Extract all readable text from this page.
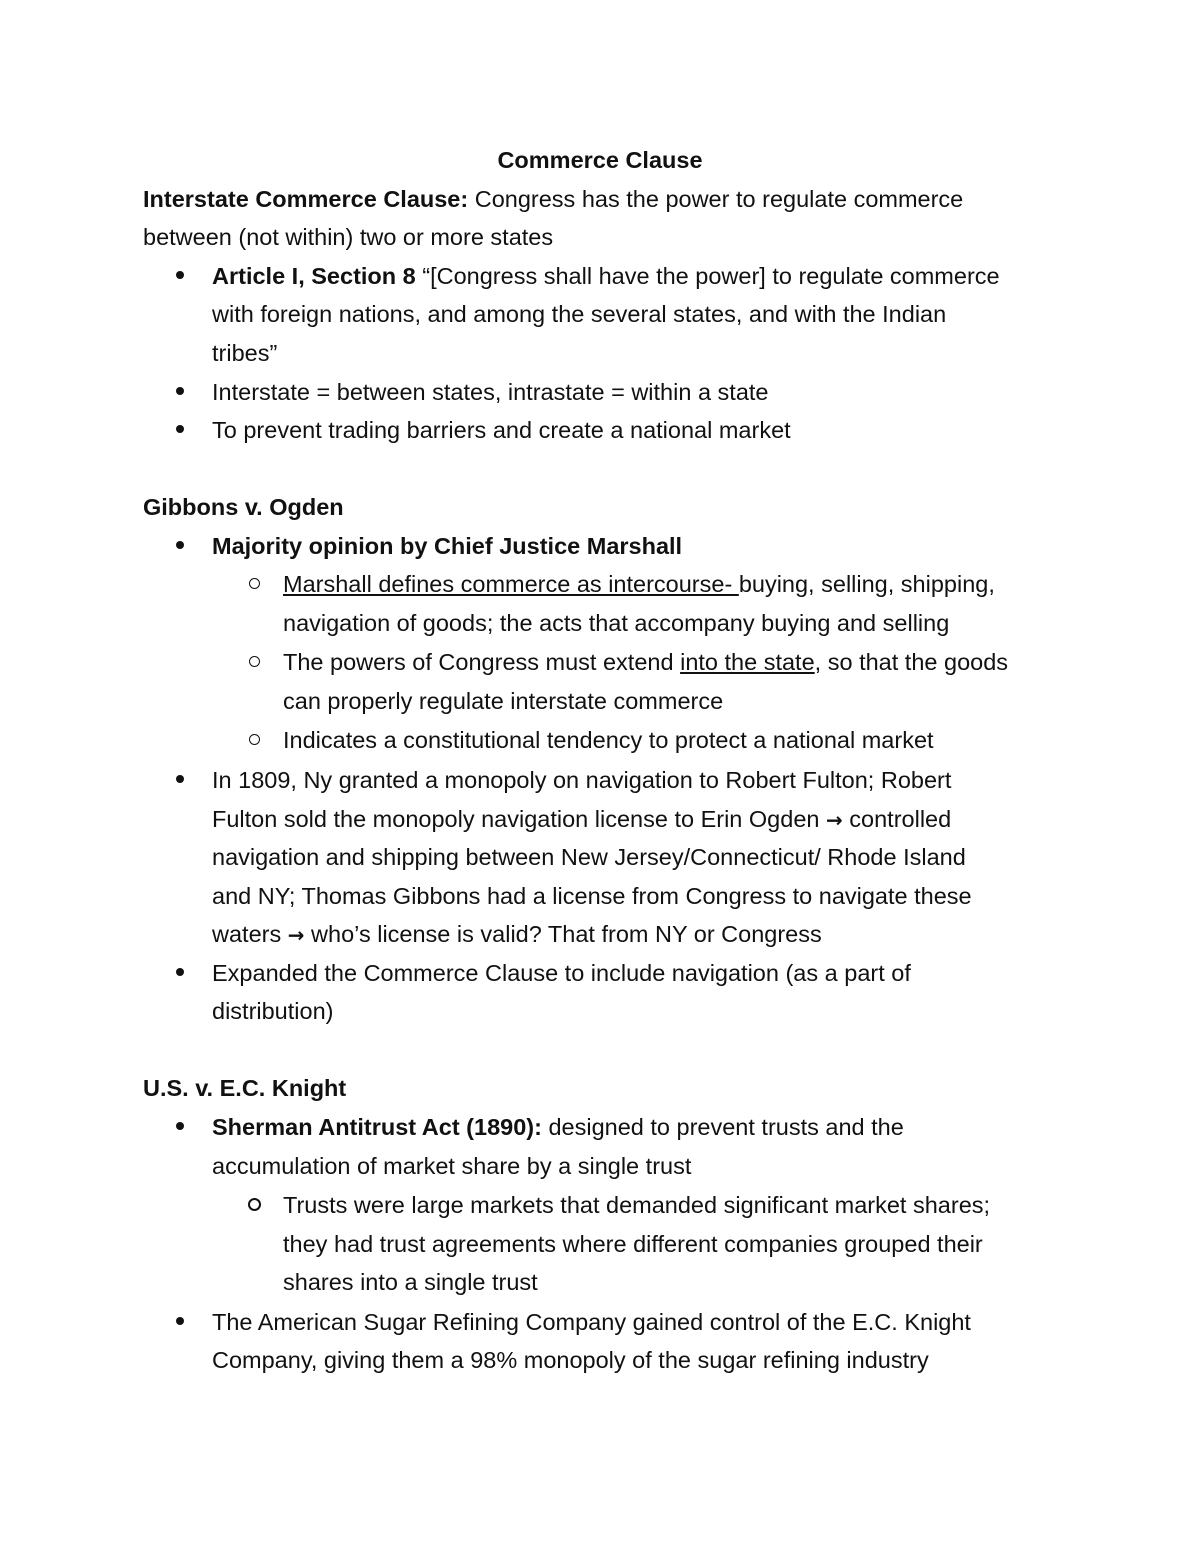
Commerce Clause
Interstate Commerce Clause: Congress has the power to regulate commerce
between (not within) two or more states
Article I, Section 8 “[Congress shall have the power] to regulate commerce
with foreign nations, and among the several states, and with the Indian
tribes”
Interstate = between states, intrastate = within a state
To prevent trading barriers and create a national market
Gibbons v. Ogden
Majority opinion by Chief Justice Marshall
Marshall defines commerce as intercourse- buying, selling, shipping,
navigation of goods; the acts that accompany buying and selling
The powers of Congress must extend into the state, so that the goods
can properly regulate interstate commerce
Indicates a constitutional tendency to protect a national market
In 1809, Ny granted a monopoly on navigation to Robert Fulton; Robert
Fulton sold the monopoly navigation license to Erin Ogden → controlled
navigation and shipping between New Jersey/Connecticut/ Rhode Island
and NY; Thomas Gibbons had a license from Congress to navigate these
waters → who’s license is valid? That from NY or Congress
Expanded the Commerce Clause to include navigation (as a part of
distribution)
U.S. v. E.C. Knight
Sherman Antitrust Act (1890): designed to prevent trusts and the
accumulation of market share by a single trust
Trusts were large markets that demanded significant market shares;
they had trust agreements where different companies grouped their
shares into a single trust
The American Sugar Refining Company gained control of the E.C. Knight
Company, giving them a 98% monopoly of the sugar refining industry
